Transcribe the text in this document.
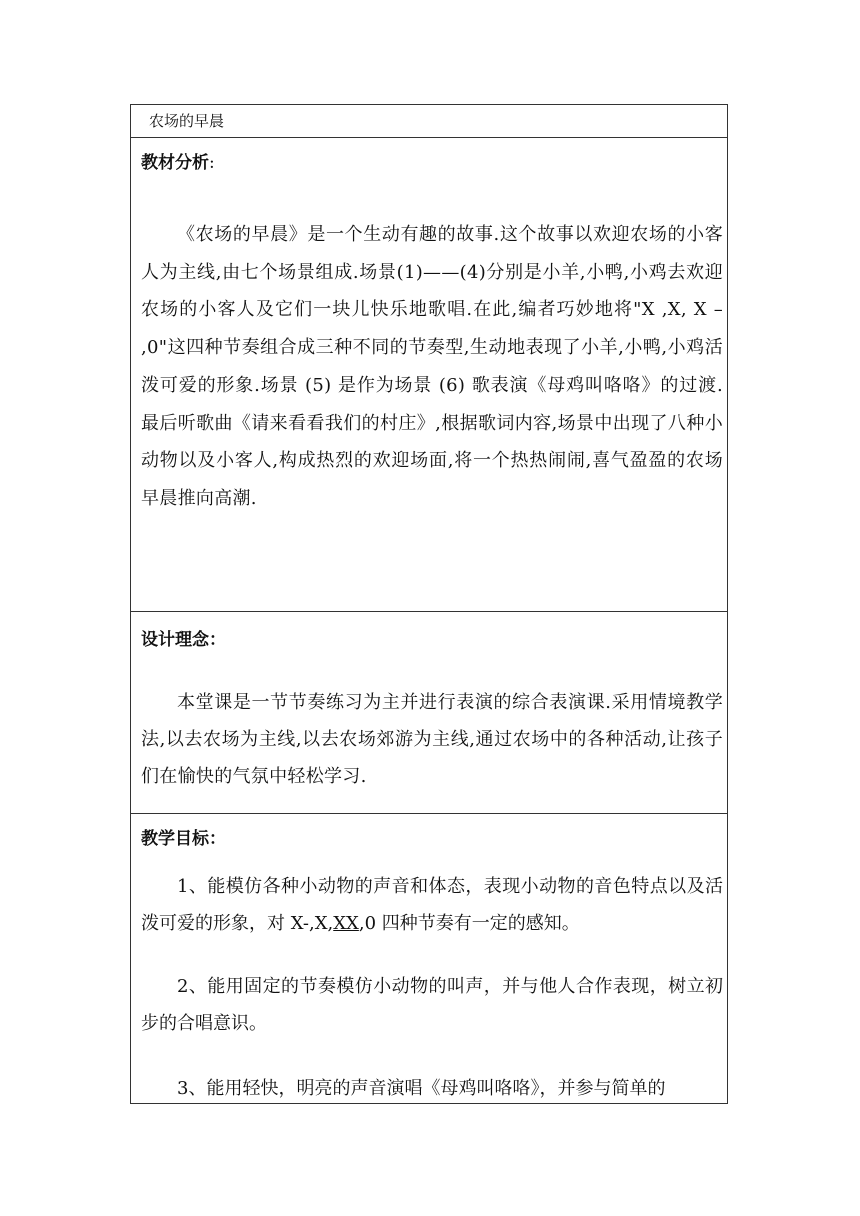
农场的早晨
教材分析:

《农场的早晨》是一个生动有趣的故事.这个故事以欢迎农场的小客人为主线,由七个场景组成.场景(1)——(4)分别是小羊,小鸭,小鸡去欢迎农场的小客人及它们一块儿快乐地歌唱.在此,编者巧妙地将"X ,X, X – ,0"这四种节奏组合成三种不同的节奏型,生动地表现了小羊,小鸭,小鸡活泼可爱的形象.场景 (5) 是作为场景 (6) 歌表演《母鸡叫咯咯》的过渡.最后听歌曲《请来看看我们的村庄》,根据歌词内容,场景中出现了八种小动物以及小客人,构成热烈的欢迎场面,将一个热热闹闹,喜气盈盈的农场早晨推向高潮.

设计理念：

本堂课是一节节奏练习为主并进行表演的综合表演课.采用情境教学法,以去农场为主线,以去农场郊游为主线,通过农场中的各种活动,让孩子们在愉快的气氛中轻松学习.

教学目标：

1、能模仿各种小动物的声音和体态，表现小动物的音色特点以及活泼可爱的形象，对 X-,X,XX,0 四种节奏有一定的感知。

2、能用固定的节奏模仿小动物的叫声，并与他人合作表现，树立初步的合唱意识。

3、能用轻快，明亮的声音演唱《母鸡叫咯咯》，并参与简单的
